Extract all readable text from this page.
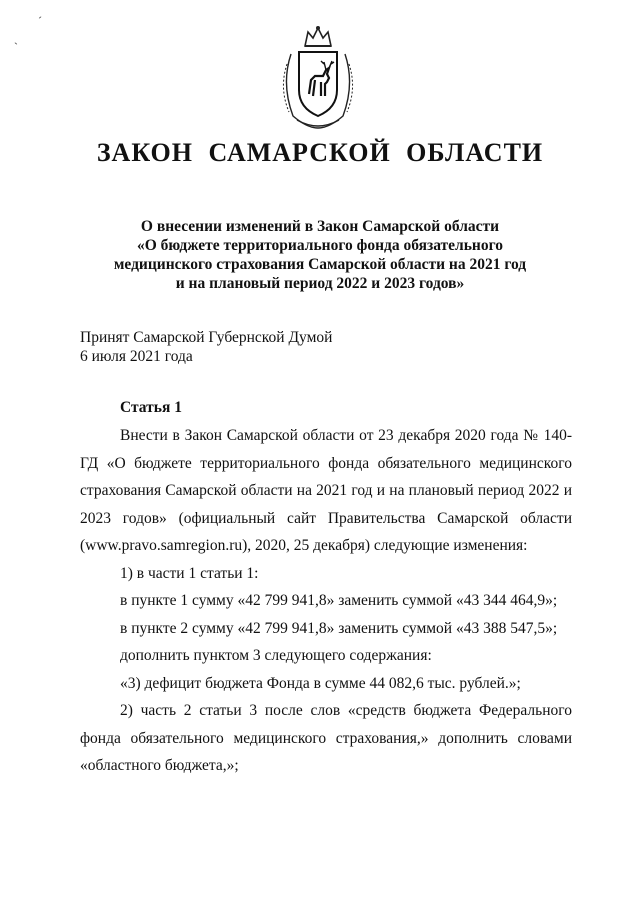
ˊ
ˋ
ЗАКОН САМАРСКОЙ ОБЛАСТИ
О внесении изменений в Закон Самарской области
«О бюджете территориального фонда обязательного
медицинского страхования Самарской области на 2021 год
и на плановый период 2022 и 2023 годов»
Принят Самарской Губернской Думой
6 июля 2021 года
Статья 1

Внести в Закон Самарской области от 23 декабря 2020 года № 140-ГД «О бюджете территориального фонда обязательного медицинского страхования Самарской области на 2021 год и на плановый период 2022 и 2023 годов» (официальный сайт Правительства Самарской области (www.pravo.samregion.ru), 2020, 25 декабря) следующие изменения:

1) в части 1 статьи 1:

в пункте 1 сумму «42 799 941,8» заменить суммой «43 344 464,9»;

в пункте 2 сумму «42 799 941,8» заменить суммой «43 388 547,5»;

дополнить пунктом 3 следующего содержания:

«3) дефицит бюджета Фонда в сумме 44 082,6 тыс. рублей.»;

2) часть 2 статьи 3 после слов «средств бюджета Федерального фонда обязательного медицинского страхования,» дополнить словами «областного бюджета,»;
